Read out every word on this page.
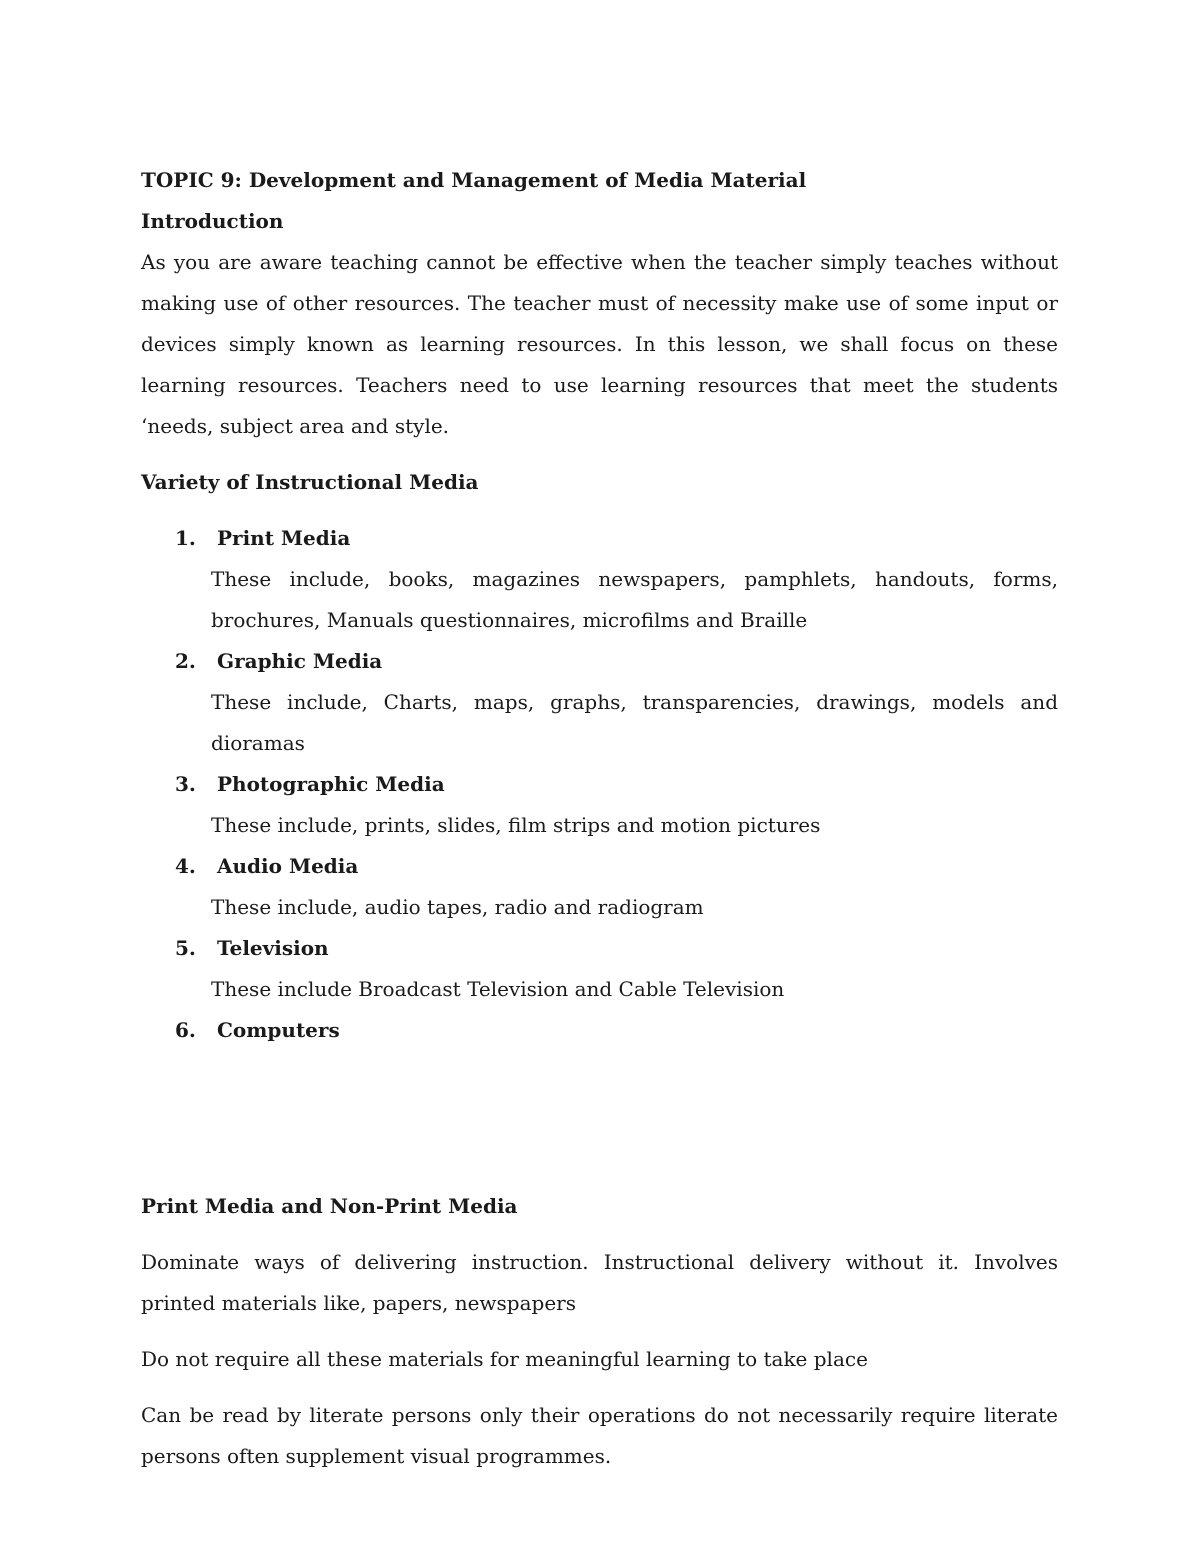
TOPIC 9: Development and Management of Media Material

Introduction

As you are aware teaching cannot be effective when the teacher simply teaches without making use of other resources. The teacher must of necessity make use of some input or devices simply known as learning resources. In this lesson, we shall focus on these learning resources. Teachers need to use learning resources that meet the students ‘needs, subject area and style.

Variety of Instructional Media

1. Print Media
These include, books, magazines newspapers, pamphlets, handouts, forms, brochures, Manuals questionnaires, microfilms and Braille
2. Graphic Media
These include, Charts, maps, graphs, transparencies, drawings, models and dioramas
3. Photographic Media
These include, prints, slides, film strips and motion pictures
4. Audio Media
These include, audio tapes, radio and radiogram
5. Television
These include Broadcast Television and Cable Television
6. Computers

Print Media and Non-Print Media

Dominate ways of delivering instruction. Instructional delivery without it. Involves printed materials like, papers, newspapers

Do not require all these materials for meaningful learning to take place

Can be read by literate persons only their operations do not necessarily require literate persons often supplement visual programmes.
